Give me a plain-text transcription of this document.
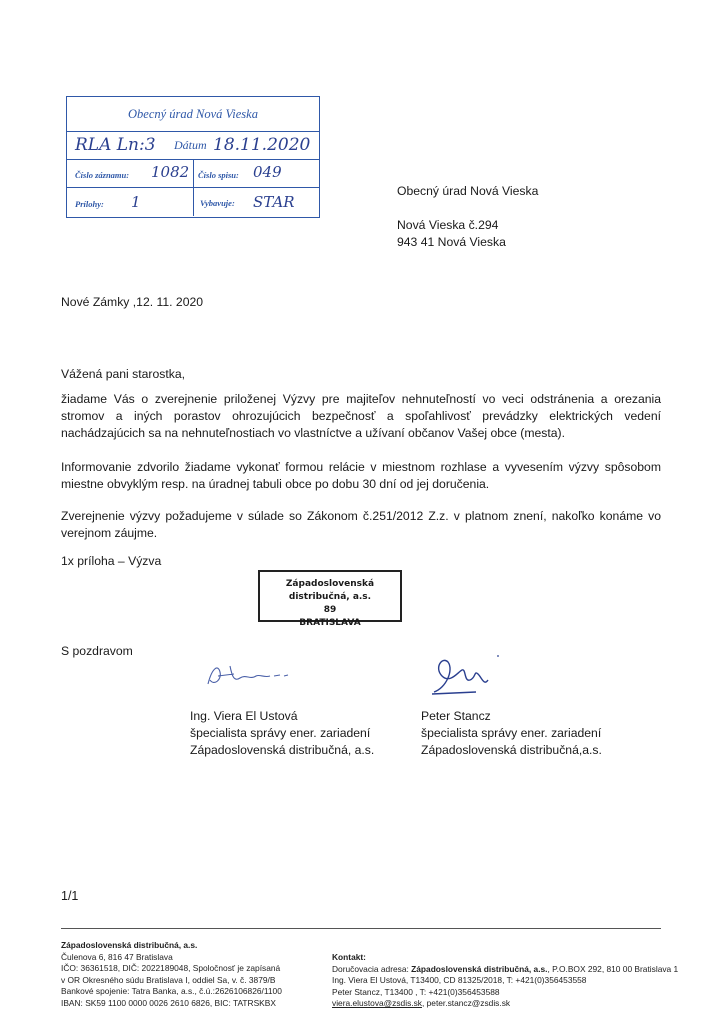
Obecný úrad Nová Vieska
RLA Ln:3 Dátum 18.11.2020
Číslo záznamu: 1082 Číslo spisu: 049
Prílohy: 1	Vybavuje: STAR
Obecný úrad Nová Vieska
Nová Vieska č.294
943 41 Nová Vieska
Nové Zámky ,12. 11. 2020
Vážená pani starostka,

žiadame Vás o zverejnenie priloženej Výzvy pre majiteľov nehnuteľností vo veci odstránenia a orezania stromov a iných porastov ohrozujúcich bezpečnosť a spoľahlivosť prevádzky elektrických vedení nachádzajúcich sa na nehnuteľnostiach vo vlastníctve a užívaní občanov Vašej obce (mesta).

Informovanie zdvorilo žiadame vykonať formou relácie v miestnom rozhlase a vyvesením výzvy spôsobom miestne obvyklým resp. na úradnej tabuli obce po dobu 30 dní od jej doručenia.

Zverejnenie výzvy požadujeme v súlade so Zákonom č.251/2012 Z.z. v platnom znení, nakoľko konáme vo verejnom záujme.

1x príloha – Výzva
Západoslovenská distribučná, a.s.
89
BRATISLAVA
S pozdravom
Ing. Viera El Ustová
špecialista správy ener. zariadení
Západoslovenská distribučná, a.s.
Peter Stancz
špecialista správy ener. zariadení
Západoslovenská distribučná,a.s.
1/1
Západoslovenská distribučná, a.s.
Čulenova 6, 816 47 Bratislava
IČO: 36361518, DIČ: 2022189048, Spoločnosť je zapísaná
v OR Okresného súdu Bratislava I, oddiel Sa, v. č. 3879/B
Bankové spojenie: Tatra Banka, a.s., č.ú.:2626106826/1100
IBAN: SK59 1100 0000 0026 2610 6826, BIC: TATRSKBX
Kontakt:
Doručovacia adresa: Západoslovenská distribučná, a.s., P.O.BOX 292, 810 00 Bratislava 1
Ing. Viera El Ustová, T13400, CD 81325/2018, T: +421(0)356453558
Peter Stancz, T13400 , T: +421(0)356453588
viera.elustova@zsdis.sk, peter.stancz@zsdis.sk
